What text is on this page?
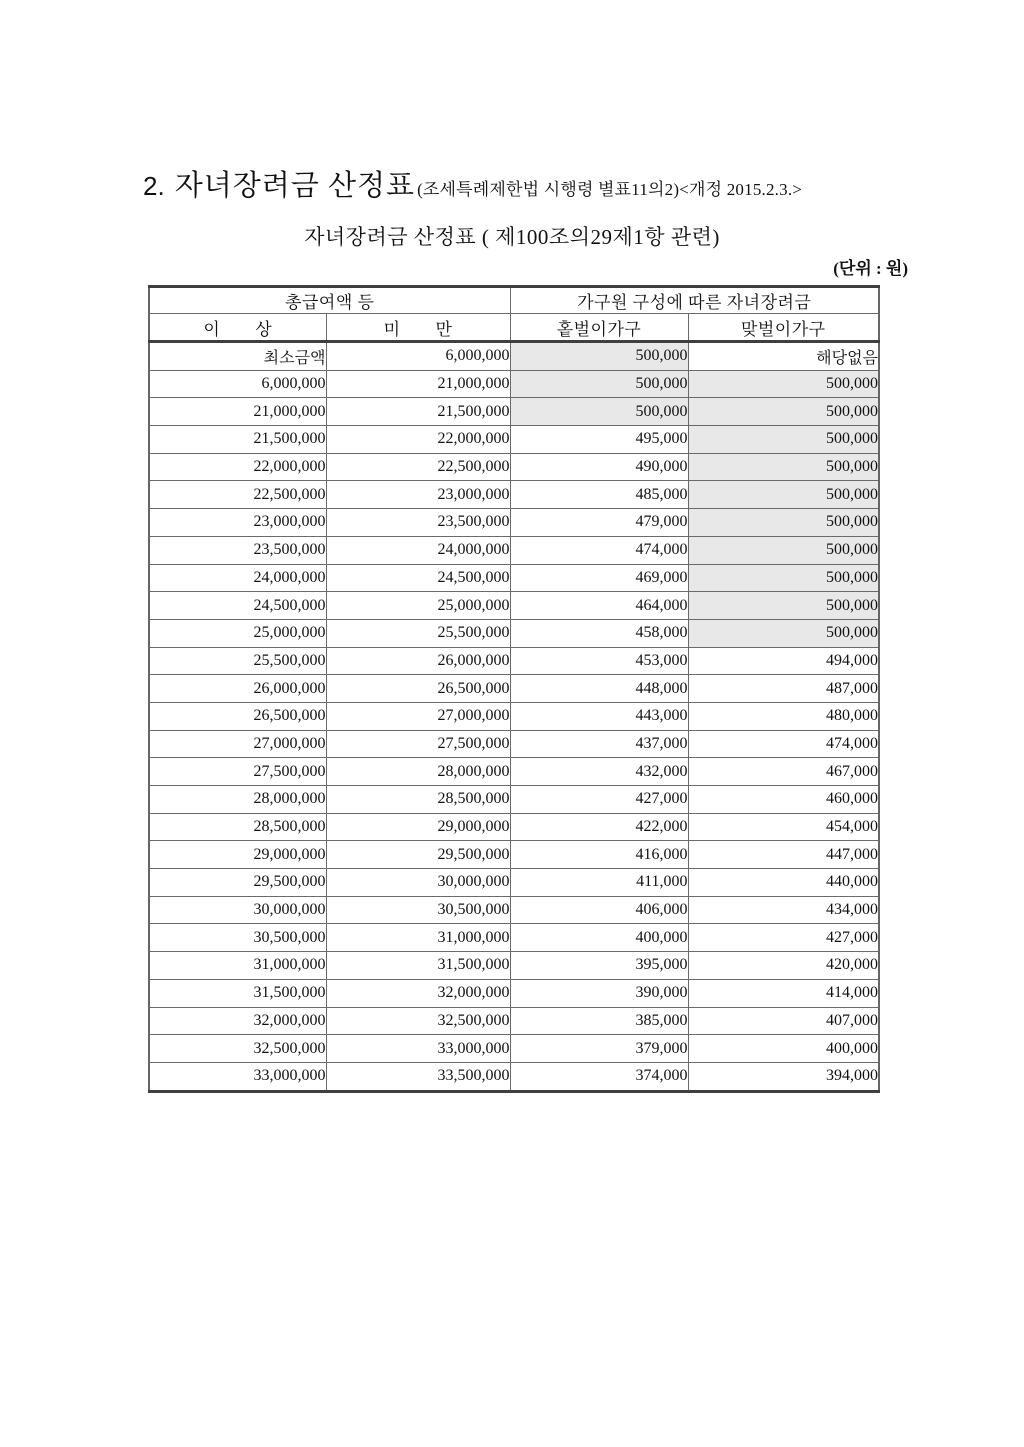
2. 자녀장려금 산정표 (조세특례제한법 시행령 별표11의2)<개정 2015.2.3.>
자녀장려금 산정표 ( 제100조의29제1항 관련)
(단위 : 원)
총급여액 등		가구원 구성에 따른 자녀장려금	
이　　상	미　　만	홑벌이가구	맞벌이가구
최소금액	6,000,000	500,000	해당없음
6,000,000	21,000,000	500,000	500,000
21,000,000	21,500,000	500,000	500,000
21,500,000	22,000,000	495,000	500,000
22,000,000	22,500,000	490,000	500,000
22,500,000	23,000,000	485,000	500,000
23,000,000	23,500,000	479,000	500,000
23,500,000	24,000,000	474,000	500,000
24,000,000	24,500,000	469,000	500,000
24,500,000	25,000,000	464,000	500,000
25,000,000	25,500,000	458,000	500,000
25,500,000	26,000,000	453,000	494,000
26,000,000	26,500,000	448,000	487,000
26,500,000	27,000,000	443,000	480,000
27,000,000	27,500,000	437,000	474,000
27,500,000	28,000,000	432,000	467,000
28,000,000	28,500,000	427,000	460,000
28,500,000	29,000,000	422,000	454,000
29,000,000	29,500,000	416,000	447,000
29,500,000	30,000,000	411,000	440,000
30,000,000	30,500,000	406,000	434,000
30,500,000	31,000,000	400,000	427,000
31,000,000	31,500,000	395,000	420,000
31,500,000	32,000,000	390,000	414,000
32,000,000	32,500,000	385,000	407,000
32,500,000	33,000,000	379,000	400,000
33,000,000	33,500,000	374,000	394,000
